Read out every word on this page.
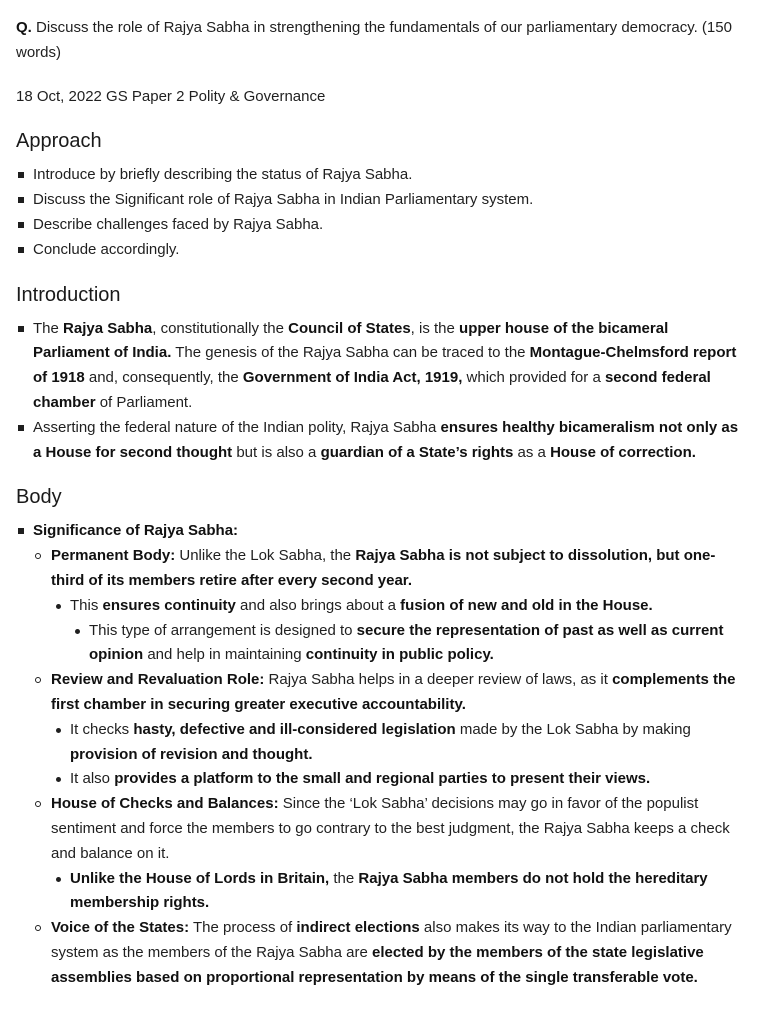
Q. Discuss the role of Rajya Sabha in strengthening the fundamentals of our parliamentary democracy. (150 words)

18 Oct, 2022 GS Paper 2 Polity & Governance

Approach
Introduce by briefly describing the status of Rajya Sabha.
Discuss the Significant role of Rajya Sabha in Indian Parliamentary system.
Describe challenges faced by Rajya Sabha.
Conclude accordingly.
Introduction
The Rajya Sabha, constitutionally the Council of States, is the upper house of the bicameral Parliament of India. The genesis of the Rajya Sabha can be traced to the Montague-Chelmsford report of 1918 and, consequently, the Government of India Act, 1919, which provided for a second federal chamber of Parliament.
Asserting the federal nature of the Indian polity, Rajya Sabha ensures healthy bicameralism not only as a House for second thought but is also a guardian of a State’s rights as a House of correction.
Body
Significance of Rajya Sabha:
Permanent Body: Unlike the Lok Sabha, the Rajya Sabha is not subject to dissolution, but one-third of its members retire after every second year.
This ensures continuity and also brings about a fusion of new and old in the House.
This type of arrangement is designed to secure the representation of past as well as current opinion and help in maintaining continuity in public policy.
Review and Revaluation Role: Rajya Sabha helps in a deeper review of laws, as it complements the first chamber in securing greater executive accountability.
It checks hasty, defective and ill-considered legislation made by the Lok Sabha by making provision of revision and thought.
It also provides a platform to the small and regional parties to present their views.
House of Checks and Balances: Since the ‘Lok Sabha’ decisions may go in favor of the populist sentiment and force the members to go contrary to the best judgment, the Rajya Sabha keeps a check and balance on it.
Unlike the House of Lords in Britain, the Rajya Sabha members do not hold the hereditary membership rights.
Voice of the States: The process of indirect elections also makes its way to the Indian parliamentary system as the members of the Rajya Sabha are elected by the members of the state legislative assemblies based on proportional representation by means of the single transferable vote.
